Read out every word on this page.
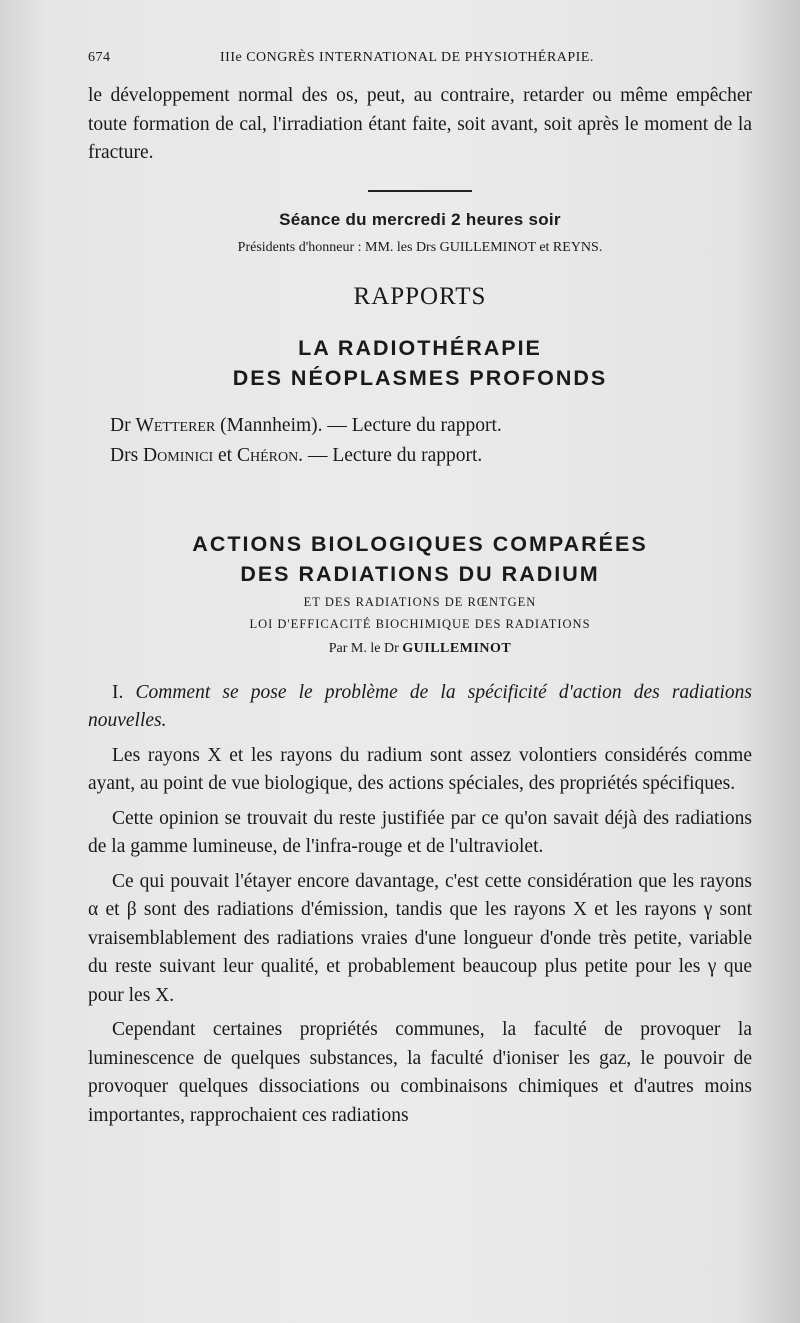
674	IIIe CONGRÈS INTERNATIONAL DE PHYSIOTHÉRAPIE.

le développement normal des os, peut, au contraire, retarder ou même empêcher toute formation de cal, l'irradiation étant faite, soit avant, soit après le moment de la fracture.

Séance du mercredi 2 heures soir
Présidents d'honneur : MM. les Drs GUILLEMINOT et REYNS.
RAPPORTS
LA RADIOTHÉRAPIE
DES NÉOPLASMES PROFONDS
Dr Wetterer (Mannheim). — Lecture du rapport.
Drs Dominici et Chéron. — Lecture du rapport.
ACTIONS BIOLOGIQUES COMPARÉES
DES RADIATIONS DU RADIUM
ET DES RADIATIONS DE RŒNTGEN
LOI D'EFFICACITÉ BIOCHIMIQUE DES RADIATIONS
Par M. le Dr GUILLEMINOT

I. Comment se pose le problème de la spécificité d'action des radiations nouvelles.

Les rayons X et les rayons du radium sont assez volontiers considérés comme ayant, au point de vue biologique, des actions spéciales, des propriétés spécifiques.

Cette opinion se trouvait du reste justifiée par ce qu'on savait déjà des radiations de la gamme lumineuse, de l'infra-rouge et de l'ultraviolet.

Ce qui pouvait l'étayer encore davantage, c'est cette considération que les rayons α et β sont des radiations d'émission, tandis que les rayons X et les rayons γ sont vraisemblablement des radiations vraies d'une longueur d'onde très petite, variable du reste suivant leur qualité, et probablement beaucoup plus petite pour les γ que pour les X.

Cependant certaines propriétés communes, la faculté de provoquer la luminescence de quelques substances, la faculté d'ioniser les gaz, le pouvoir de provoquer quelques dissociations ou combinaisons chimiques et d'autres moins importantes, rapprochaient ces radiations
